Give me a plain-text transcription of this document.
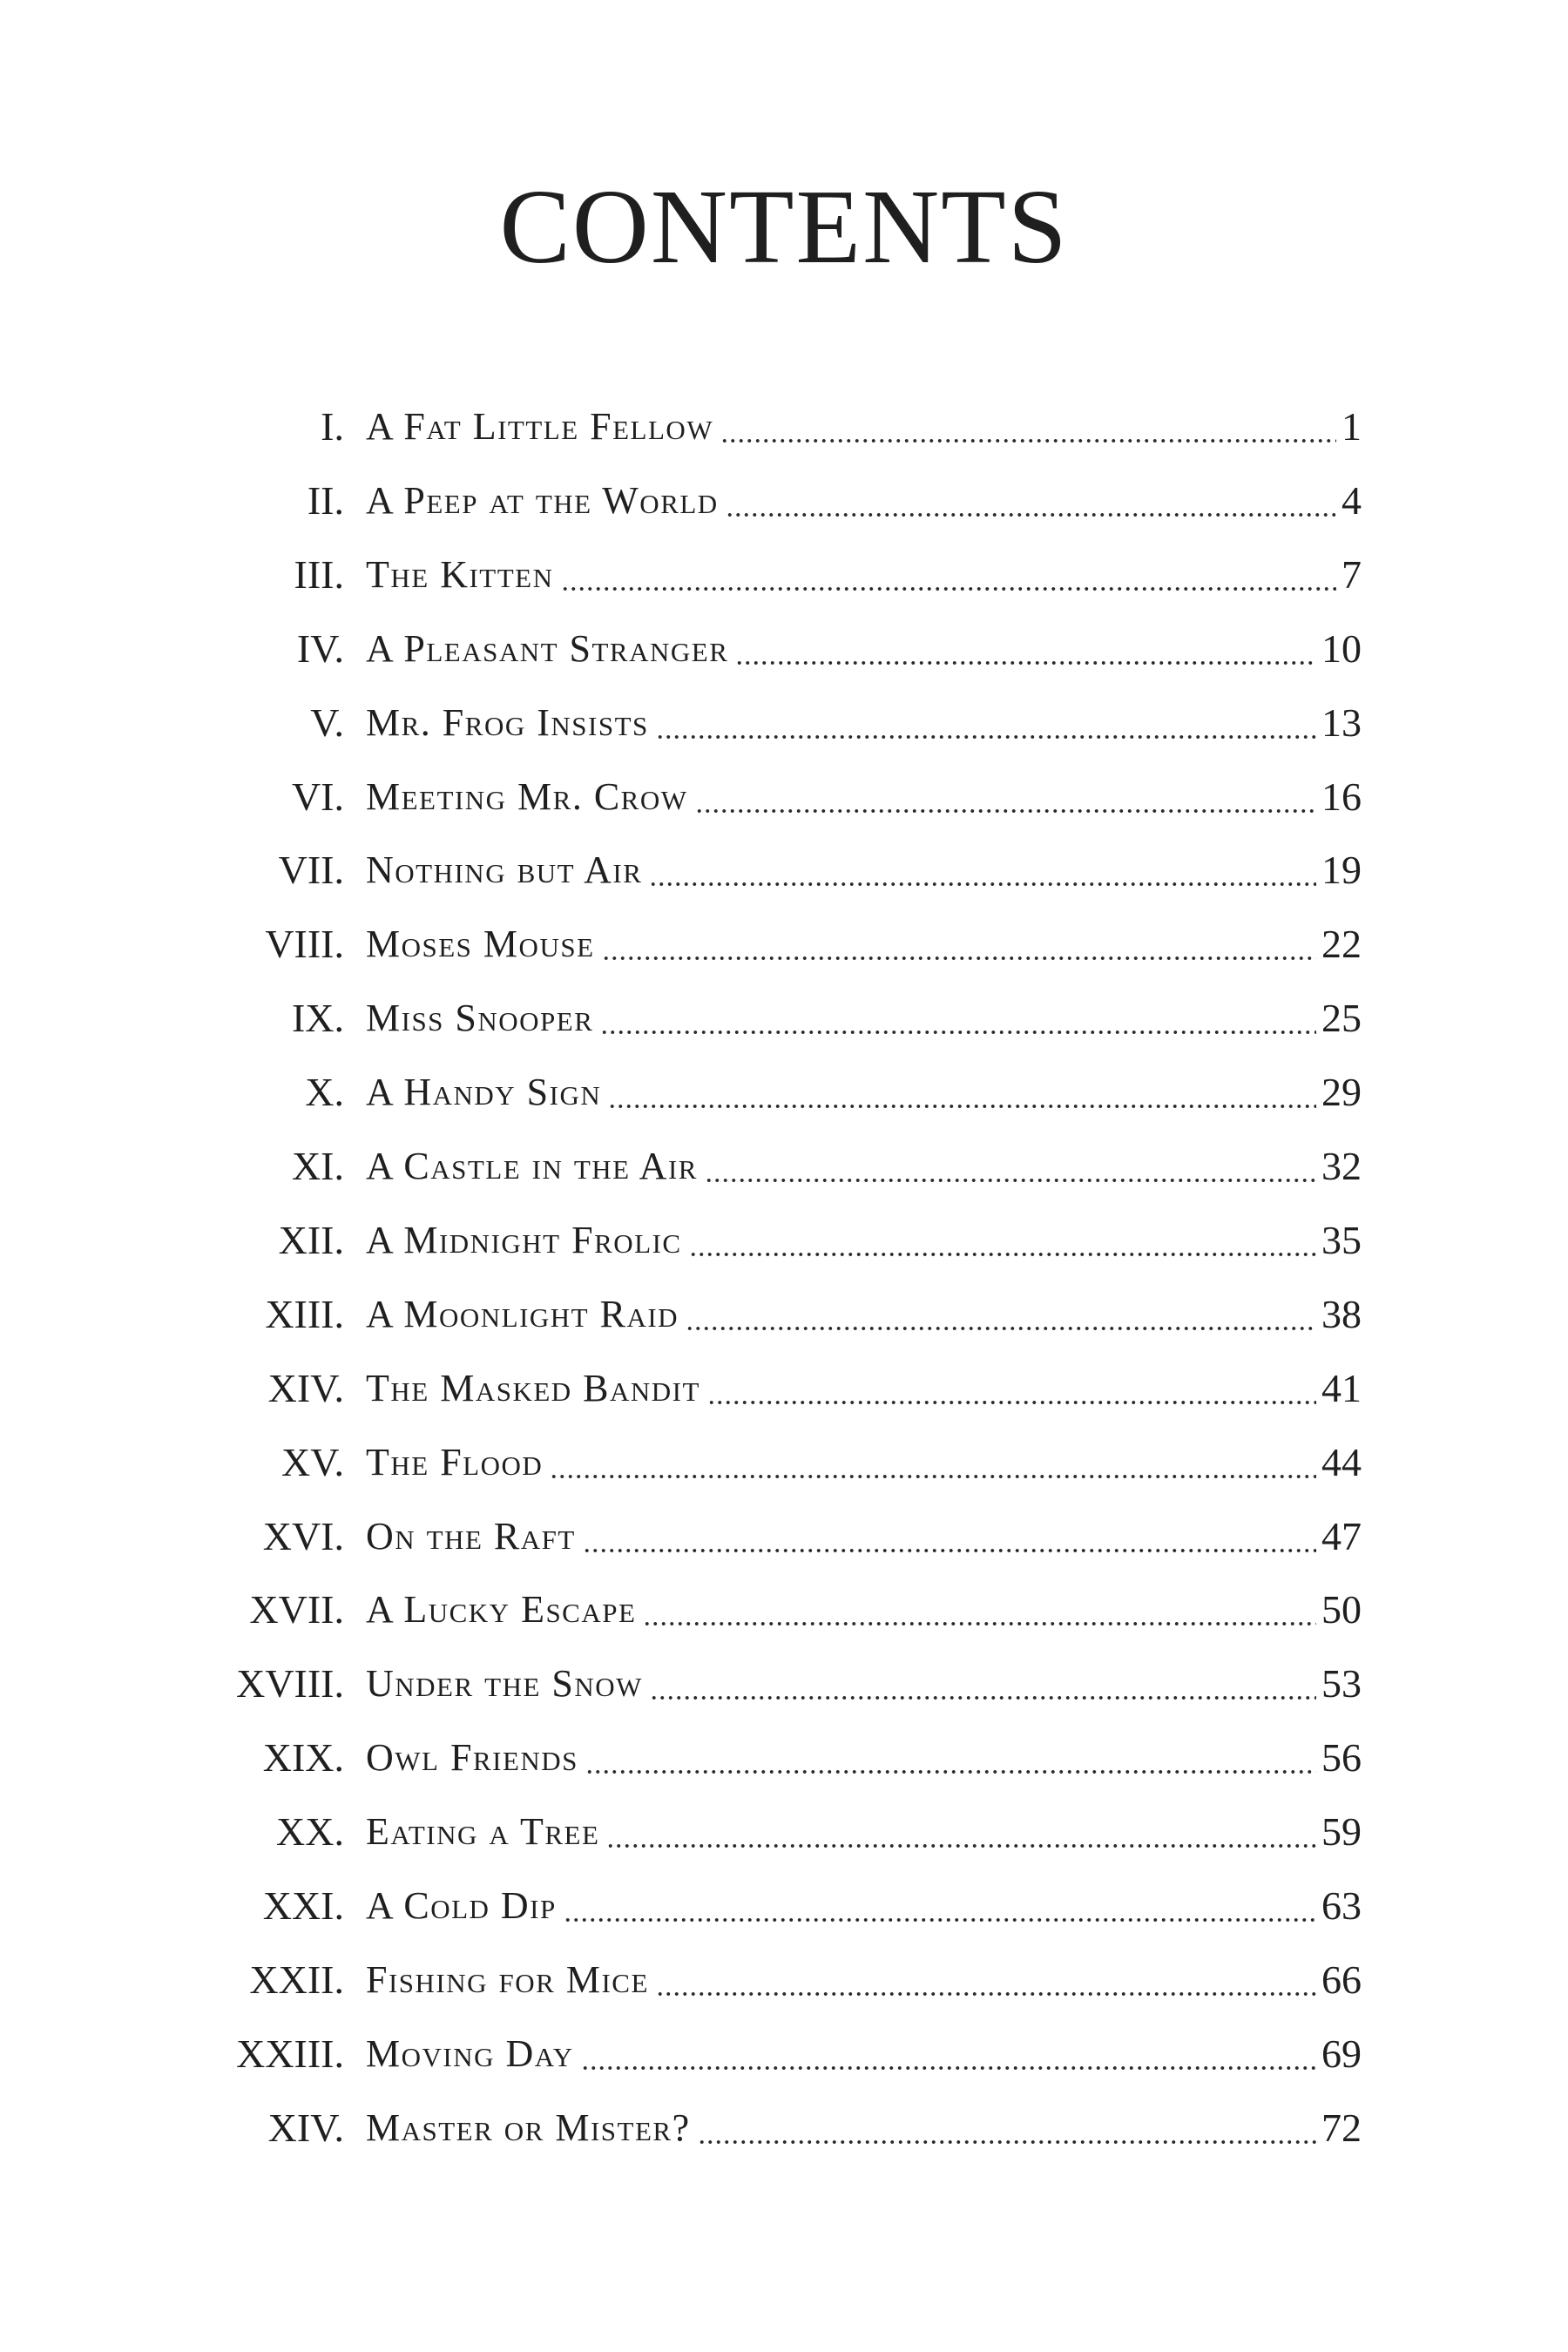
CONTENTS
I. A Fat Little Fellow	1
II. A Peep at the World	4
III. The Kitten	7
IV. A Pleasant Stranger	10
V. Mr. Frog Insists	13
VI. Meeting Mr. Crow	16
VII. Nothing but Air	19
VIII. Moses Mouse	22
IX. Miss Snooper	25
X. A Handy Sign	29
XI. A Castle in the Air	32
XII. A Midnight Frolic	35
XIII. A Moonlight Raid	38
XIV. The Masked Bandit	41
XV. The Flood	44
XVI. On the Raft	47
XVII. A Lucky Escape	50
XVIII. Under the Snow	53
XIX. Owl Friends	56
XX. Eating a Tree	59
XXI. A Cold Dip	63
XXII. Fishing for Mice	66
XXIII. Moving Day	69
XIV. Master or Mister?	72
